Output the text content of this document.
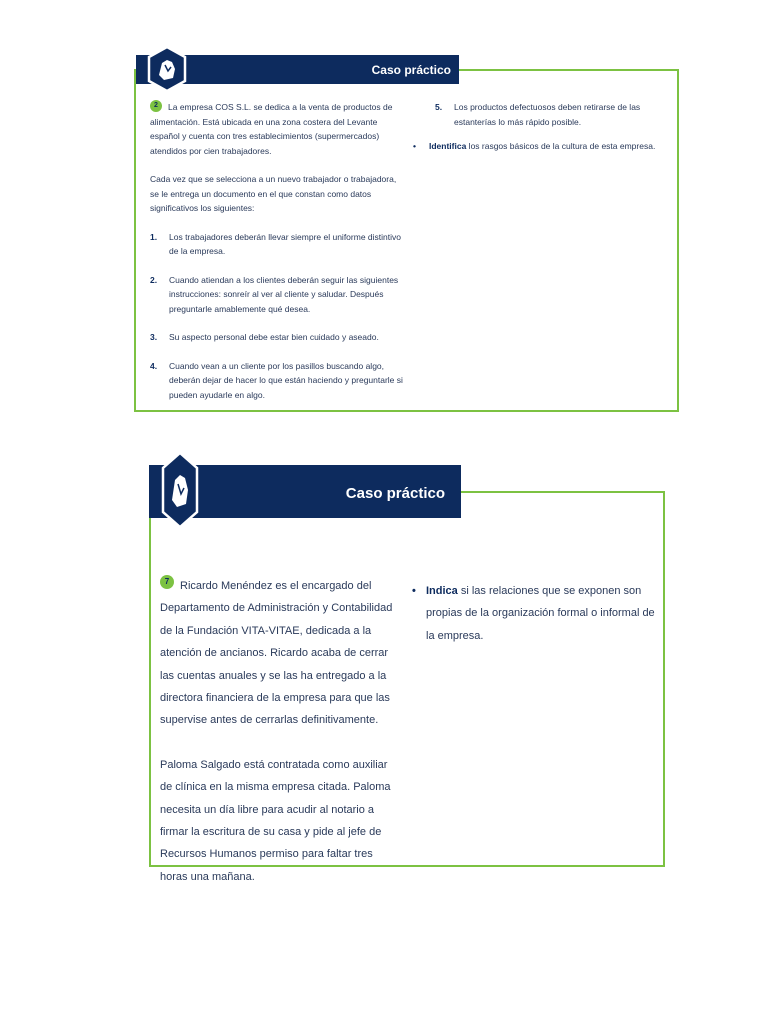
Caso práctico

2 La empresa COS S.L. se dedica a la venta de productos de alimentación. Está ubicada en una zona costera del Levante español y cuenta con tres establecimientos (supermercados) atendidos por cien trabajadores.

Cada vez que se selecciona a un nuevo trabajador o trabajadora, se le entrega un documento en el que constan como datos significativos los siguientes:

1.	Los trabajadores deberán llevar siempre el uniforme distintivo de la empresa.
2.	Cuando atiendan a los clientes deberán seguir las siguientes instrucciones: sonreír al ver al cliente y saludar. Después preguntarle amablemente qué desea.
3.	Su aspecto personal debe estar bien cuidado y aseado.
4.	Cuando vean a un cliente por los pasillos buscando algo, deberán dejar de hacer lo que están haciendo y preguntarle si pueden ayudarle en algo.
5.	Los productos defectuosos deben retirarse de las estanterías lo más rápido posible.
•	Identifica los rasgos básicos de la cultura de esta empresa.
Caso práctico

7 Ricardo Menéndez es el encargado del Departamento de Administración y Contabilidad de la Fundación VITA-VITAE, dedicada a la atención de ancianos. Ricardo acaba de cerrar las cuentas anuales y se las ha entregado a la directora financiera de la empresa para que las supervise antes de cerrarlas definitivamente.

Paloma Salgado está contratada como auxiliar de clínica en la misma empresa citada. Paloma necesita un día libre para acudir al notario a firmar la escritura de su casa y pide al jefe de Recursos Humanos permiso para faltar tres horas una mañana.

• Indica si las relaciones que se exponen son propias de la organización formal o informal de la empresa.
